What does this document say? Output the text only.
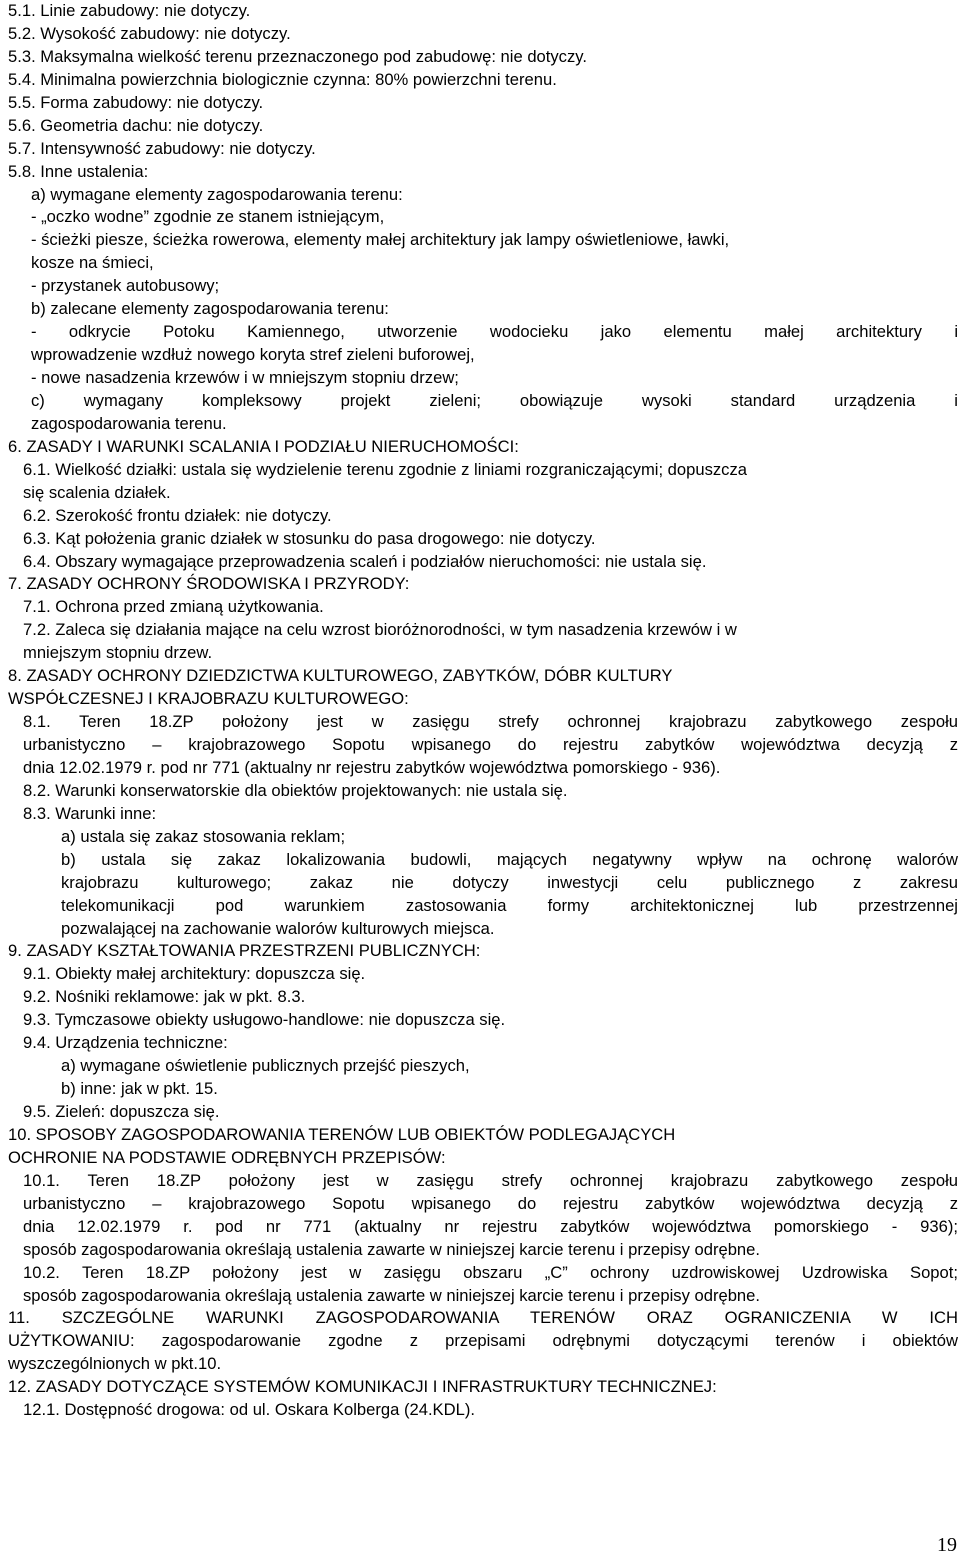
5.1. Linie zabudowy: nie dotyczy.
5.2. Wysokość zabudowy: nie dotyczy.
5.3. Maksymalna wielkość terenu przeznaczonego pod zabudowę: nie dotyczy.
5.4. Minimalna powierzchnia biologicznie czynna: 80% powierzchni terenu.
5.5. Forma zabudowy: nie dotyczy.
5.6. Geometria dachu: nie dotyczy.
5.7. Intensywność zabudowy: nie dotyczy.
5.8. Inne ustalenia:
a) wymagane elementy zagospodarowania terenu:
- „oczko wodne” zgodnie ze stanem istniejącym,
- ścieżki piesze, ścieżka rowerowa, elementy małej architektury jak lampy oświetleniowe, ławki,
kosze na śmieci,
- przystanek autobusowy;
b) zalecane elementy zagospodarowania terenu:
- odkrycie Potoku Kamiennego, utworzenie wodocieku jako elementu małej architektury i
wprowadzenie wzdłuż nowego koryta stref zieleni buforowej,
- nowe nasadzenia krzewów i w mniejszym stopniu drzew;
c) wymagany kompleksowy projekt zieleni; obowiązuje wysoki standard urządzenia i
zagospodarowania terenu.
6. ZASADY I WARUNKI SCALANIA I PODZIAŁU NIERUCHOMOŚCI:
6.1. Wielkość działki: ustala się wydzielenie terenu zgodnie z liniami rozgraniczającymi; dopuszcza
się scalenia działek.
6.2. Szerokość frontu działek: nie dotyczy.
6.3. Kąt położenia granic działek w stosunku do pasa drogowego: nie dotyczy.
6.4. Obszary wymagające przeprowadzenia scaleń i podziałów nieruchomości: nie ustala się.
7. ZASADY OCHRONY ŚRODOWISKA I PRZYRODY:
7.1. Ochrona przed zmianą użytkowania.
7.2. Zaleca się działania mające na celu wzrost bioróżnorodności, w tym nasadzenia krzewów i w
mniejszym stopniu drzew.
8. ZASADY OCHRONY DZIEDZICTWA KULTUROWEGO, ZABYTKÓW, DÓBR KULTURY
WSPÓŁCZESNEJ I KRAJOBRAZU KULTUROWEGO:
8.1. Teren 18.ZP położony jest w zasięgu strefy ochronnej krajobrazu zabytkowego zespołu
urbanistyczno – krajobrazowego Sopotu wpisanego do rejestru zabytków województwa decyzją z
dnia 12.02.1979 r. pod nr 771 (aktualny nr rejestru zabytków województwa pomorskiego - 936).
8.2. Warunki konserwatorskie dla obiektów projektowanych: nie ustala się.
8.3. Warunki inne:
a) ustala się zakaz stosowania reklam;
b) ustala się zakaz lokalizowania budowli, mających negatywny wpływ na ochronę walorów
krajobrazu kulturowego; zakaz nie dotyczy inwestycji celu publicznego z zakresu
telekomunikacji pod warunkiem zastosowania formy architektonicznej lub przestrzennej
pozwalającej na zachowanie walorów kulturowych miejsca.
9. ZASADY KSZTAŁTOWANIA PRZESTRZENI PUBLICZNYCH:
9.1. Obiekty małej architektury: dopuszcza się.
9.2. Nośniki reklamowe: jak w pkt. 8.3.
9.3. Tymczasowe obiekty usługowo-handlowe: nie dopuszcza się.
9.4. Urządzenia techniczne:
a) wymagane oświetlenie publicznych przejść pieszych,
b) inne: jak w pkt. 15.
9.5. Zieleń: dopuszcza się.
10. SPOSOBY ZAGOSPODAROWANIA TERENÓW LUB OBIEKTÓW PODLEGAJĄCYCH
OCHRONIE NA PODSTAWIE ODRĘBNYCH PRZEPISÓW:
10.1. Teren 18.ZP położony jest w zasięgu strefy ochronnej krajobrazu zabytkowego zespołu
urbanistyczno – krajobrazowego Sopotu wpisanego do rejestru zabytków województwa decyzją z
dnia 12.02.1979 r. pod nr 771 (aktualny nr rejestru zabytków województwa pomorskiego - 936);
sposób zagospodarowania określają ustalenia zawarte w niniejszej karcie terenu i przepisy odrębne.
10.2. Teren 18.ZP położony jest w zasięgu obszaru „C” ochrony uzdrowiskowej Uzdrowiska Sopot;
sposób zagospodarowania określają ustalenia zawarte w niniejszej karcie terenu i przepisy odrębne.
11. SZCZEGÓLNE WARUNKI ZAGOSPODAROWANIA TERENÓW ORAZ OGRANICZENIA W ICH
UŻYTKOWANIU: zagospodarowanie zgodne z przepisami odrębnymi dotyczącymi terenów i obiektów
wyszczególnionych w pkt.10.
12. ZASADY DOTYCZĄCE SYSTEMÓW KOMUNIKACJI I INFRASTRUKTURY TECHNICZNEJ:
12.1. Dostępność drogowa: od ul. Oskara Kolberga (24.KDL).
19
